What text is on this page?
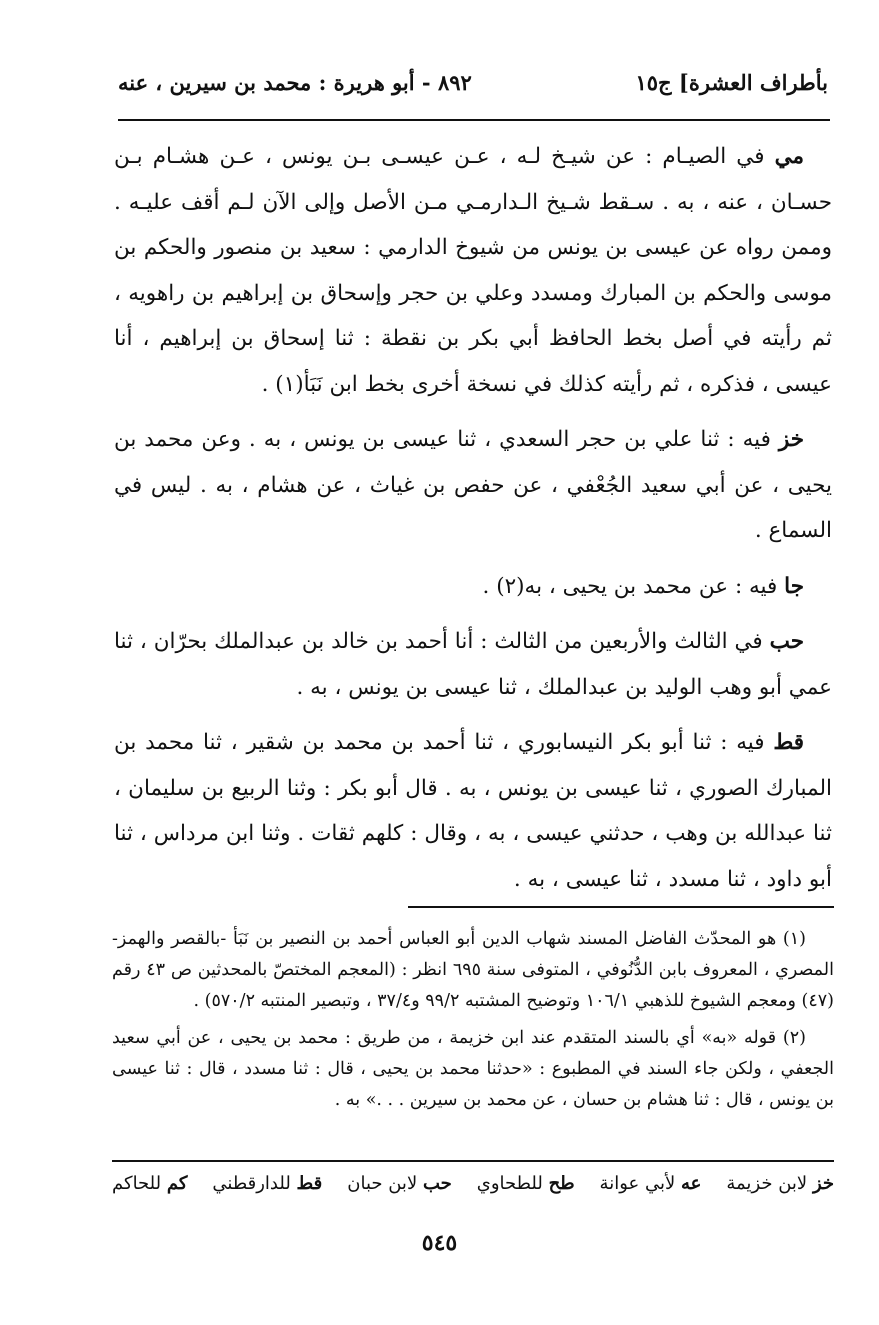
بأطراف العشرة] ج١٥
٨٩٢ - أبو هريرة : محمد بن سيرين ، عنه

مي في الصيـام : عن شيـخ لـه ، عـن عيسـى بـن يونس ، عـن هشـام بـن حسـان ، عنه ، به . سـقط شـيخ الـدارمـي مـن الأصل وإلى الآن لـم أقف عليـه . وممن رواه عن عيسى بن يونس من شيوخ الدارمي : سعيد بن منصور والحكم بن موسى والحكم بن المبارك ومسدد وعلي بن حجر وإسحاق بن إبراهيم بن راهويه ، ثم رأيته في أصل بخط الحافظ أبي بكر بن نقطة : ثنا إسحاق بن إبراهيم ، أنا عيسى ، فذكره ، ثم رأيته كذلك في نسخة أخرى بخط ابن نَبَأ(١) .

خز فيه : ثنا علي بن حجر السعدي ، ثنا عيسى بن يونس ، به . وعن محمد بن يحيى ، عن أبي سعيد الجُعْفي ، عن حفص بن غياث ، عن هشام ، به . ليس في السماع .

جا فيه : عن محمد بن يحيى ، به(٢) .

حب في الثالث والأربعين من الثالث : أنا أحمد بن خالد بن عبدالملك بحرّان ، ثنا عمي أبو وهب الوليد بن عبدالملك ، ثنا عيسى بن يونس ، به .

قط فيه : ثنا أبو بكر النيسابوري ، ثنا أحمد بن محمد بن شقير ، ثنا محمد بن المبارك الصوري ، ثنا عيسى بن يونس ، به . قال أبو بكر : وثنا الربيع بن سليمان ، ثنا عبدالله بن وهب ، حدثني عيسى ، به ، وقال : كلهم ثقات . وثنا ابن مرداس ، ثنا أبو داود ، ثنا مسدد ، ثنا عيسى ، به .

(١) هو المحدّث الفاضل المسند شهاب الدين أبو العباس أحمد بن النصير بن نَبَأ -بالقصر والهمز- المصري ، المعروف بابن الدُّنُوفي ، المتوفى سنة ٦٩٥ انظر : (المعجم المختصّ بالمحدثين ص ٤٣ رقم (٤٧) ومعجم الشيوخ للذهبي ١٠٦/١ وتوضيح المشتبه ٩٩/٢ و٣٧/٤ ، وتبصير المنتبه ٥٧٠/٢) .

(٢) قوله «به» أي بالسند المتقدم عند ابن خزيمة ، من طريق : محمد بن يحيى ، عن أبي سعيد الجعفي ، ولكن جاء السند في المطبوع : «حدثنا محمد بن يحيى ، قال : ثنا مسدد ، قال : ثنا عيسى بن يونس ، قال : ثنا هشام بن حسان ، عن محمد بن سيرين . . .» به .

خز لابن خزيمة
عه لأبي عوانة
طح للطحاوي
حب لابن حبان
قط للدارقطني
كم للحاكم
٥٤٥
